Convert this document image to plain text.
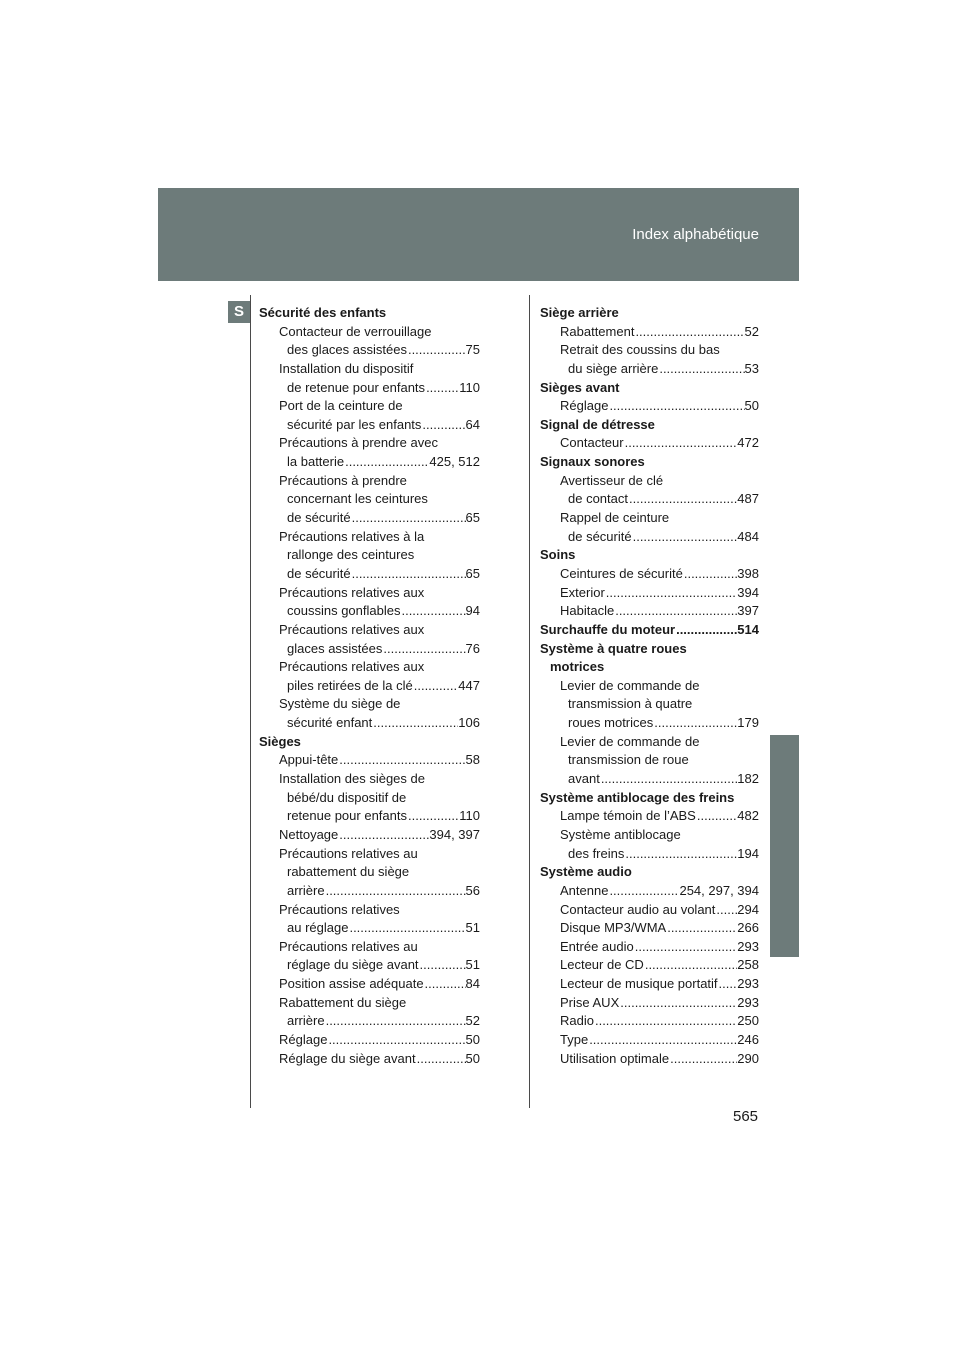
Index alphabétique
S	Sécurité des enfants
Contacteur de verrouillage
des glaces assistées .....	75
Installation du dispositif
de retenue pour enfants .....	110
Port de la ceinture de
sécurité par les enfants .....	64
Précautions à prendre avec
la batterie .....	425, 512
Précautions à prendre
concernant les ceintures
de sécurité .....	65
Précautions relatives à la
rallonge des ceintures
de sécurité .....	65
Précautions relatives aux
coussins gonflables .....	94
Précautions relatives aux
glaces assistées .....	76
Précautions relatives aux
piles retirées de la clé .....	447
Système du siège de
sécurité enfant .....	106
Sièges
Appui-tête .....	58
Installation des sièges de
bébé/du dispositif de
retenue pour enfants .....	110
Nettoyage .....	394, 397
Précautions relatives au
rabattement du siège
arrière .....	56
Précautions relatives
au réglage .....	51
Précautions relatives au
réglage du siège avant .....	51
Position assise adéquate .....	84
Rabattement du siège
arrière .....	52
Réglage .....	50
Réglage du siège avant .....	50
Siège arrière
Rabattement .....	52
Retrait des coussins du bas
du siège arrière .....	53
Sièges avant
Réglage .....	50
Signal de détresse
Contacteur .....	472
Signaux sonores
Avertisseur de clé
de contact .....	487
Rappel de ceinture
de sécurité .....	484
Soins
Ceintures de sécurité .....	398
Exterior .....	394
Habitacle .....	397
Surchauffe du moteur .....	514
Système à quatre roues
motrices
Levier de commande de
transmission à quatre
roues motrices .....	179
Levier de commande de
transmission de roue
avant .....	182
Système antiblocage des freins
Lampe témoin de l’ABS .....	482
Système antiblocage
des freins .....	194
Système audio
Antenne .....	254, 297, 394
Contacteur audio au volant ..... 294
Disque MP3/WMA .....	266
Entrée audio .....	293
Lecteur de CD .....	258
Lecteur de musique portatif ..... 293
Prise AUX .....	293
Radio .....	250
Type .....	246
Utilisation optimale .....	290
565
